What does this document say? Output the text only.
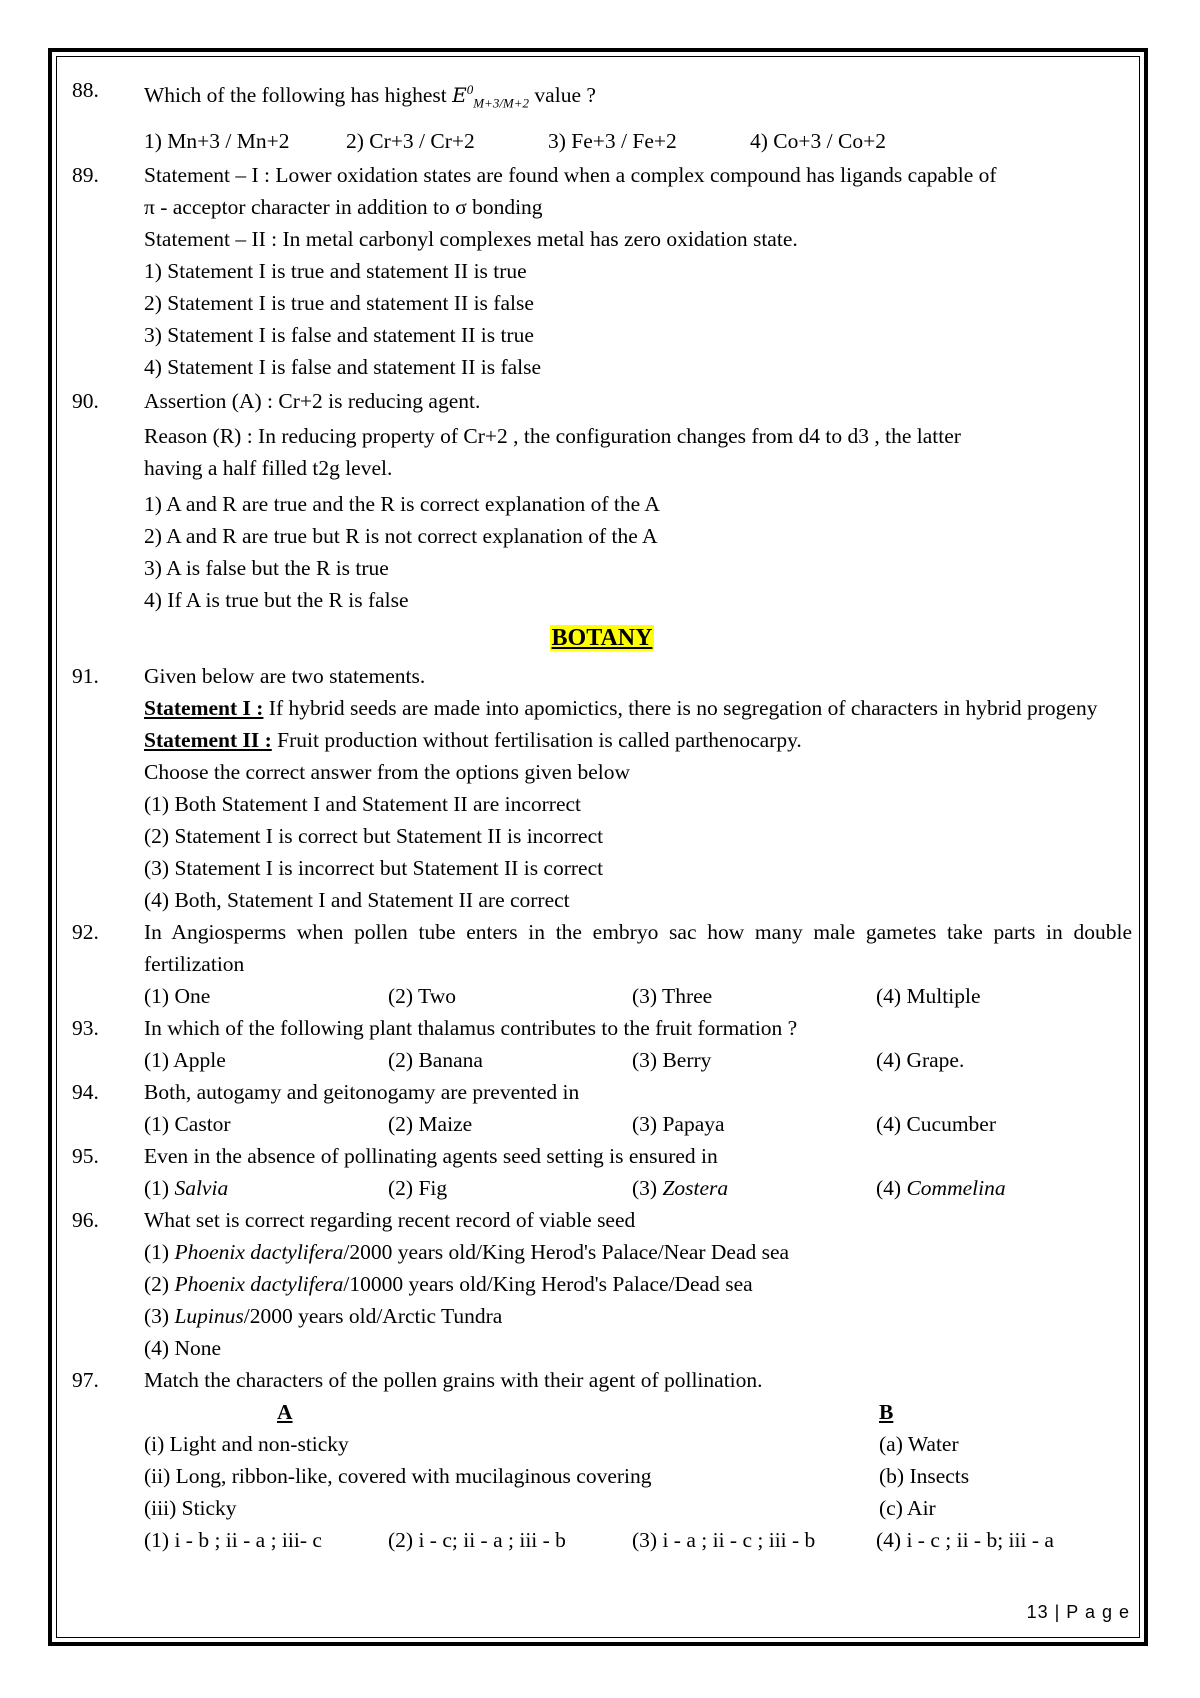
88.	Which of the following has highest $E^0_{M+3/M+2}$ value ?
1) Mn+3 / Mn+2	2) Cr+3 / Cr+2	3) Fe+3 / Fe+2	4) Co+3 / Co+2
89.	Statement – I : Lower oxidation states are found when a complex compound has ligands capable of
π - acceptor character in addition to σ bonding
Statement – II : In metal carbonyl complexes metal has zero oxidation state.
1) Statement I is true and statement II is true
2) Statement I is true and statement II is false
3) Statement I is false and statement II is true
4) Statement I is false and statement II is false
90.	Assertion (A) : Cr+2 is reducing agent.
Reason (R) : In reducing property of Cr+2 , the configuration changes from d4 to d3 , the latter
having a half filled t2g level.
1) A and R are true and the R is correct explanation of the A
2) A and R are true but R is not correct explanation of the A
3) A is false but the R is true
4) If A is true but the R is false
BOTANY
91.	Given below are two statements.
Statement I : If hybrid seeds are made into apomictics, there is no segregation of characters in hybrid progeny
Statement II : Fruit production without fertilisation is called parthenocarpy.
Choose the correct answer from the options given below
(1) Both Statement I and Statement II are incorrect
(2) Statement I is correct but Statement II is incorrect
(3) Statement I is incorrect but Statement II is correct
(4) Both, Statement I and Statement II are correct
92.	In Angiosperms when pollen tube enters in the embryo sac how many male gametes take parts in double fertilization
(1) One	(2) Two	(3) Three	(4) Multiple
93.	In which of the following plant thalamus contributes to the fruit formation ?
(1) Apple	(2) Banana	(3) Berry	(4) Grape.
94.	Both, autogamy and geitonogamy are prevented in
(1) Castor	(2) Maize	(3) Papaya	(4) Cucumber
95.	Even in the absence of pollinating agents seed setting is ensured in
(1) Salvia	(2) Fig	(3) Zostera	(4) Commelina
96.	What set is correct regarding recent record of viable seed
(1) Phoenix dactylifera/2000 years old/King Herod's Palace/Near Dead sea
(2) Phoenix dactylifera/10000 years old/King Herod's Palace/Dead sea
(3) Lupinus/2000 years old/Arctic Tundra
(4) None
97.	Match the characters of the pollen grains with their agent of pollination.
A	B
(i) Light and non-sticky	(a) Water
(ii) Long, ribbon-like, covered with mucilaginous covering	(b) Insects
(iii) Sticky	(c) Air
(1) i - b ; ii - a ; iii- c	(2) i - c; ii - a ; iii - b	(3) i - a ; ii - c ; iii - b	(4) i - c ; ii - b; iii - a
13 | P a g e
